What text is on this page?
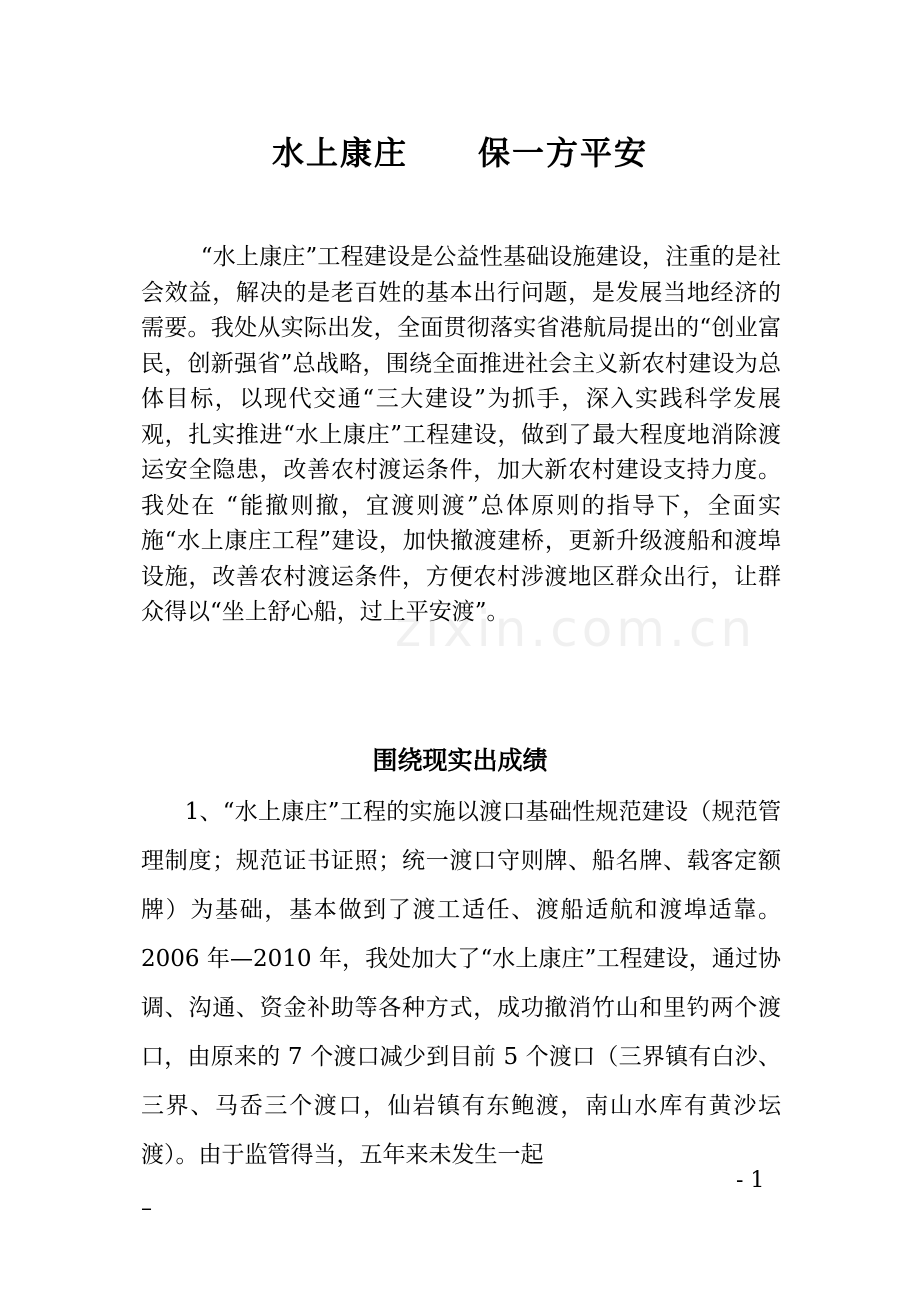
水上康庄 保一方平安

“水上康庄”工程建设是公益性基础设施建设，注重的是社会效益，解决的是老百姓的基本出行问题，是发展当地经济的需要。我处从实际出发，全面贯彻落实省港航局提出的“创业富民，创新强省”总战略，围绕全面推进社会主义新农村建设为总体目标，以现代交通“三大建设”为抓手，深入实践科学发展观，扎实推进“水上康庄”工程建设，做到了最大程度地消除渡运安全隐患，改善农村渡运条件，加大新农村建设支持力度。我处在 “能撤则撤，宜渡则渡”总体原则的指导下，全面实施“水上康庄工程”建设，加快撤渡建桥，更新升级渡船和渡埠设施，改善农村渡运条件，方便农村涉渡地区群众出行，让群众得以“坐上舒心船，过上平安渡”。

zixin.com.cn
围绕现实出成绩

1、“水上康庄”工程的实施以渡口基础性规范建设（规范管理制度；规范证书证照；统一渡口守则牌、船名牌、载客定额牌）为基础，基本做到了渡工适任、渡船适航和渡埠适靠。2006 年—2010 年，我处加大了“水上康庄”工程建设，通过协调、沟通、资金补助等各种方式，成功撤消竹山和里钓两个渡口，由原来的 7 个渡口减少到目前 5 个渡口（三界镇有白沙、三界、马岙三个渡口，仙岩镇有东鲍渡，南山水库有黄沙坛渡）。由于监管得当，五年来未发生一起

- 1
–
